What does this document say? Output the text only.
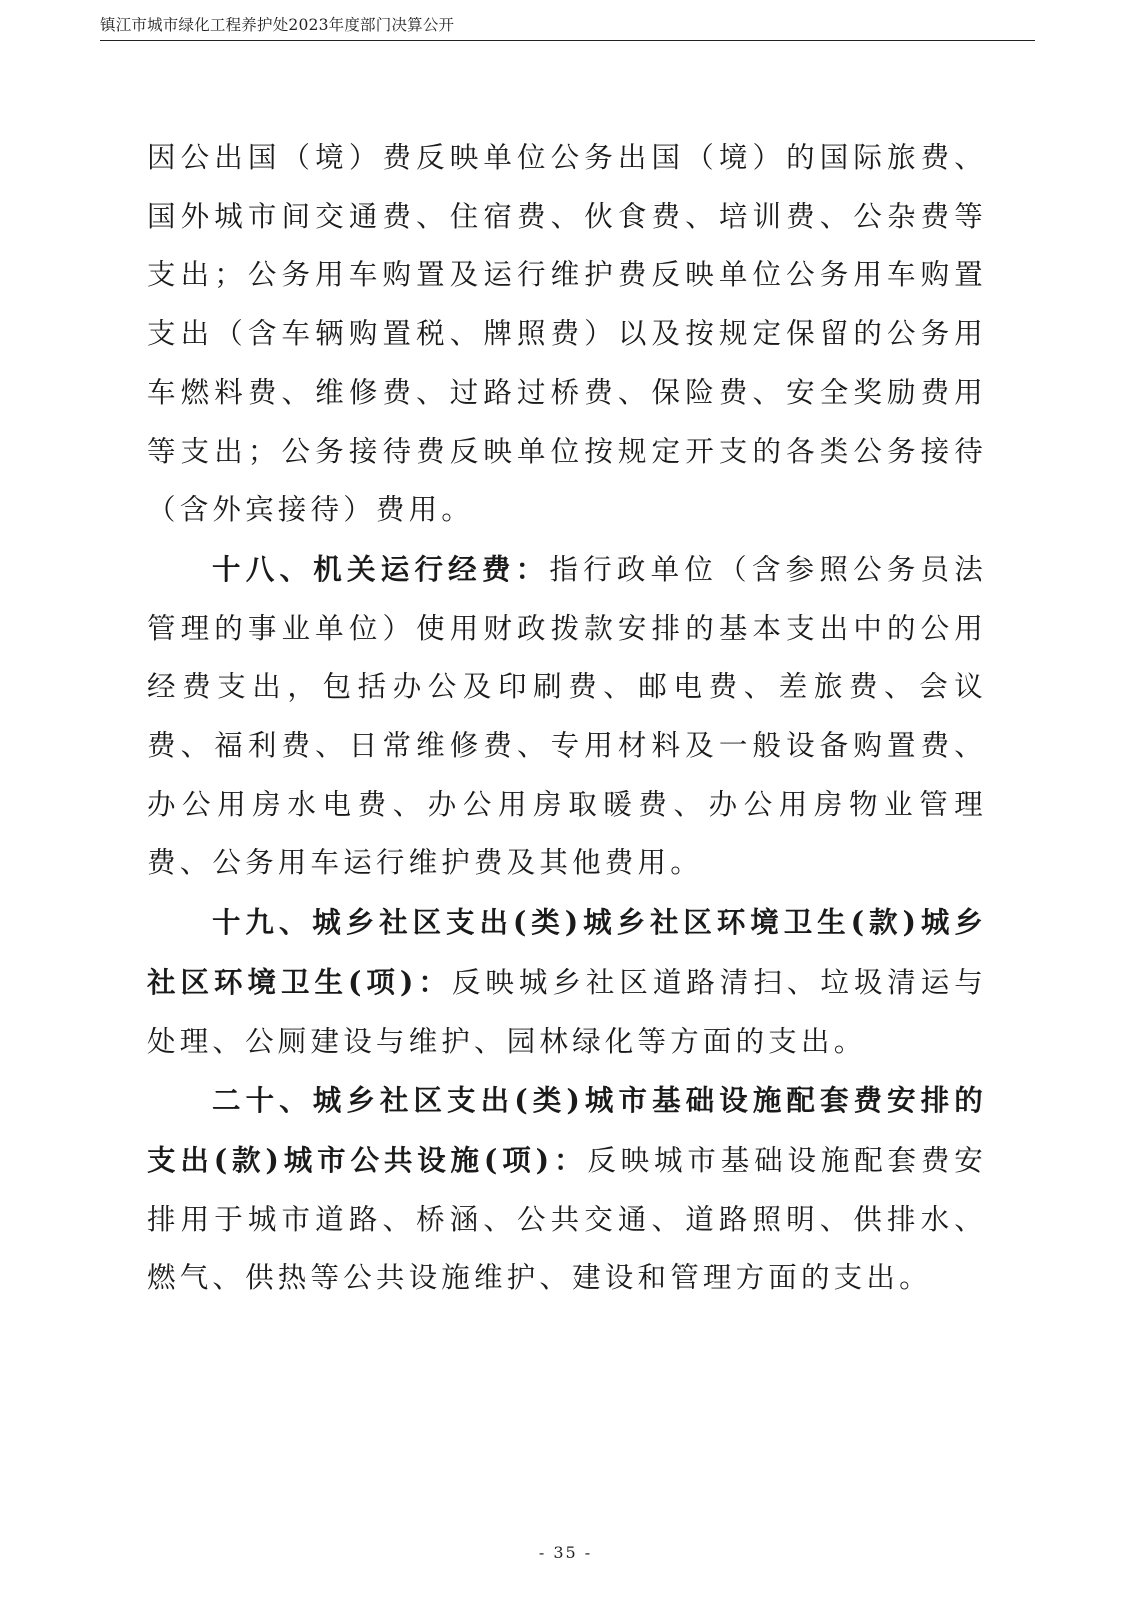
镇江市城市绿化工程养护处2023年度部门决算公开

因公出国（境）费反映单位公务出国（境）的国际旅费、国外城市间交通费、住宿费、伙食费、培训费、公杂费等支出；公务用车购置及运行维护费反映单位公务用车购置支出（含车辆购置税、牌照费）以及按规定保留的公务用车燃料费、维修费、过路过桥费、保险费、安全奖励费用等支出；公务接待费反映单位按规定开支的各类公务接待（含外宾接待）费用。

十八、机关运行经费：指行政单位（含参照公务员法管理的事业单位）使用财政拨款安排的基本支出中的公用经费支出，包括办公及印刷费、邮电费、差旅费、会议费、福利费、日常维修费、专用材料及一般设备购置费、办公用房水电费、办公用房取暖费、办公用房物业管理费、公务用车运行维护费及其他费用。

十九、城乡社区支出(类)城乡社区环境卫生(款)城乡社区环境卫生(项)：反映城乡社区道路清扫、垃圾清运与处理、公厕建设与维护、园林绿化等方面的支出。

二十、城乡社区支出(类)城市基础设施配套费安排的支出(款)城市公共设施(项)：反映城市基础设施配套费安排用于城市道路、桥涵、公共交通、道路照明、供排水、燃气、供热等公共设施维护、建设和管理方面的支出。

- 35 -
